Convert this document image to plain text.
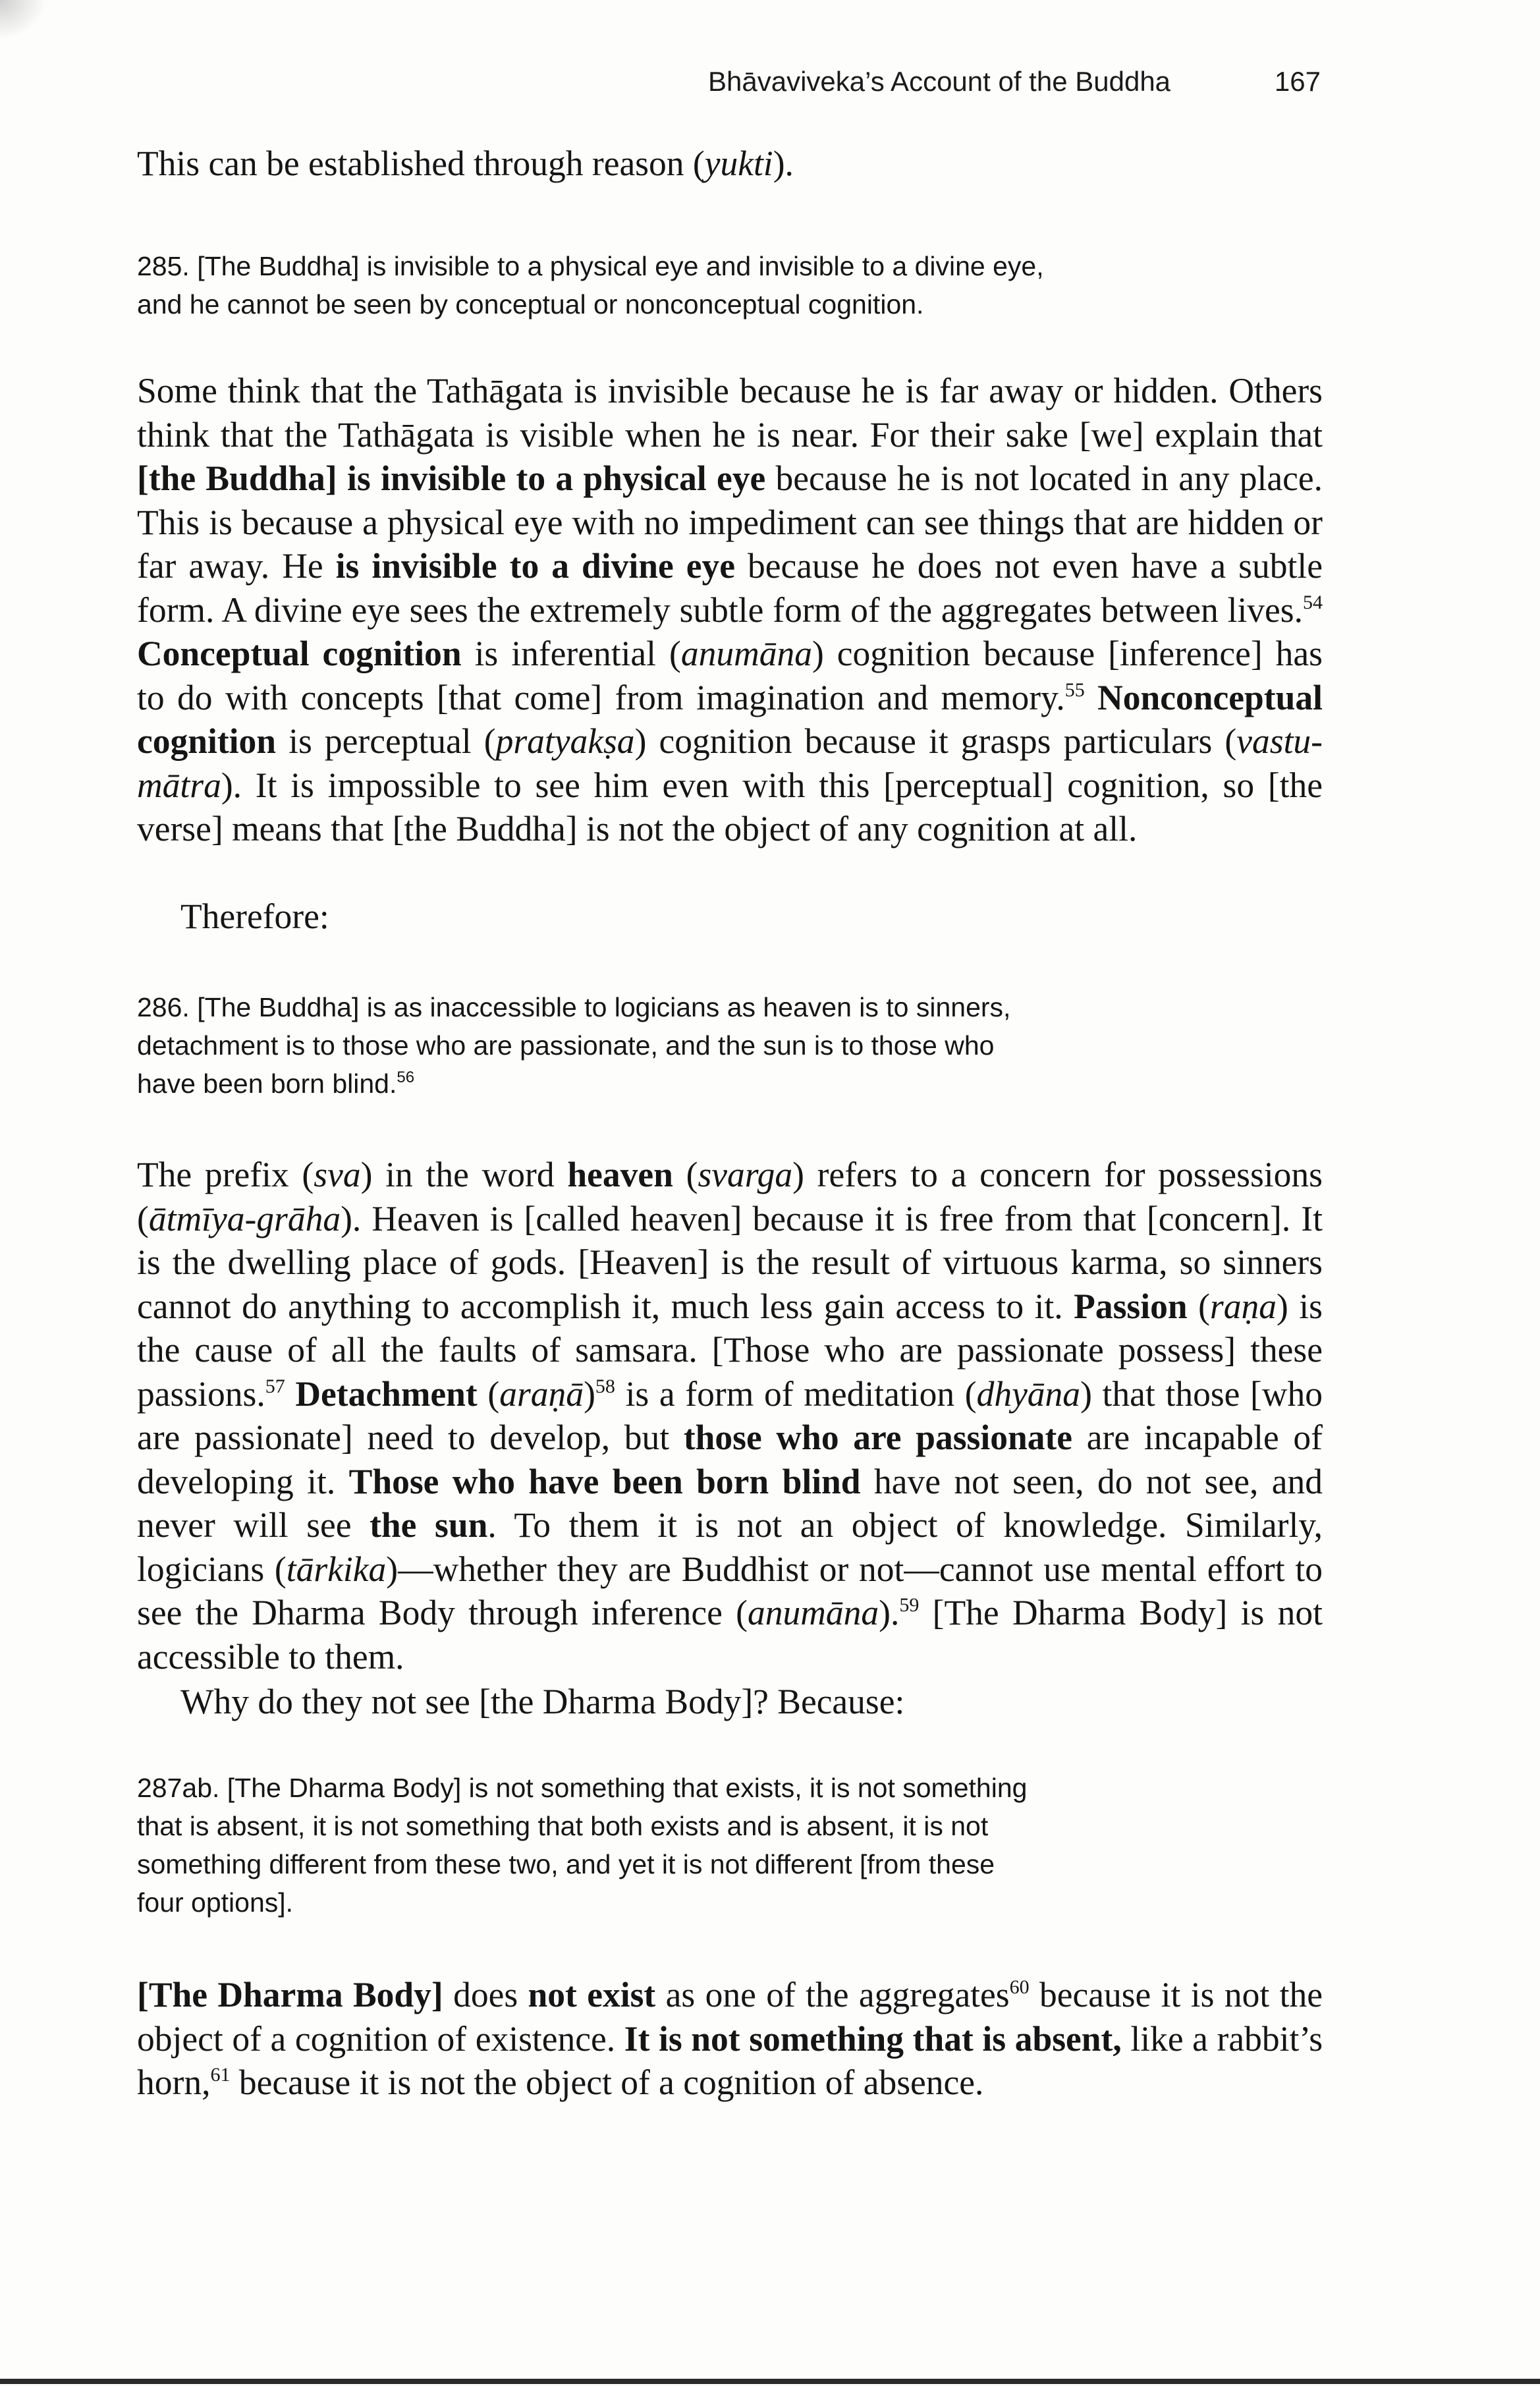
Bhāvaviveka’s Account of the Buddha	167

This can be established through reason (yukti).

285. [The Buddha] is invisible to a physical eye and invisible to a divine eye,
and he cannot be seen by conceptual or nonconceptual cognition.

Some think that the Tathāgata is invisible because he is far away or hidden. Others think that the Tathāgata is visible when he is near. For their sake [we] explain that [the Buddha] is invisible to a physical eye because he is not located in any place. This is because a physical eye with no impediment can see things that are hidden or far away. He is invisible to a divine eye because he does not even have a subtle form. A divine eye sees the extremely subtle form of the aggregates between lives.$^{54}$ Conceptual cognition is inferential (anumāna) cognition because [inference] has to do with concepts [that come] from imagination and memory.$^{55}$ Nonconceptual cognition is perceptual (pratyakṣa) cognition because it grasps particulars (vastu-mātra). It is impossible to see him even with this [perceptual] cognition, so [the verse] means that [the Buddha] is not the object of any cognition at all.

Therefore:

286. [The Buddha] is as inaccessible to logicians as heaven is to sinners,
detachment is to those who are passionate, and the sun is to those who
have been born blind.$^{56}$

The prefix (sva) in the word heaven (svarga) refers to a concern for possessions (ātmīya-grāha). Heaven is [called heaven] because it is free from that [concern]. It is the dwelling place of gods. [Heaven] is the result of virtuous karma, so sinners cannot do anything to accomplish it, much less gain access to it. Passion (raṇa) is the cause of all the faults of samsara. [Those who are passionate possess] these passions.$^{57}$ Detachment (araṇā)$^{58}$ is a form of meditation (dhyāna) that those [who are passionate] need to develop, but those who are passionate are incapable of developing it. Those who have been born blind have not seen, do not see, and never will see the sun. To them it is not an object of knowledge. Similarly, logicians (tārkika)—whether they are Buddhist or not—cannot use mental effort to see the Dharma Body through inference (anumāna).$^{59}$ [The Dharma Body] is not accessible to them.

Why do they not see [the Dharma Body]? Because:

287ab. [The Dharma Body] is not something that exists, it is not something
that is absent, it is not something that both exists and is absent, it is not
something different from these two, and yet it is not different [from these
four options].

[The Dharma Body] does not exist as one of the aggregates$^{60}$ because it is not the object of a cognition of existence. It is not something that is absent, like a rabbit’s horn,$^{61}$ because it is not the object of a cognition of absence.
